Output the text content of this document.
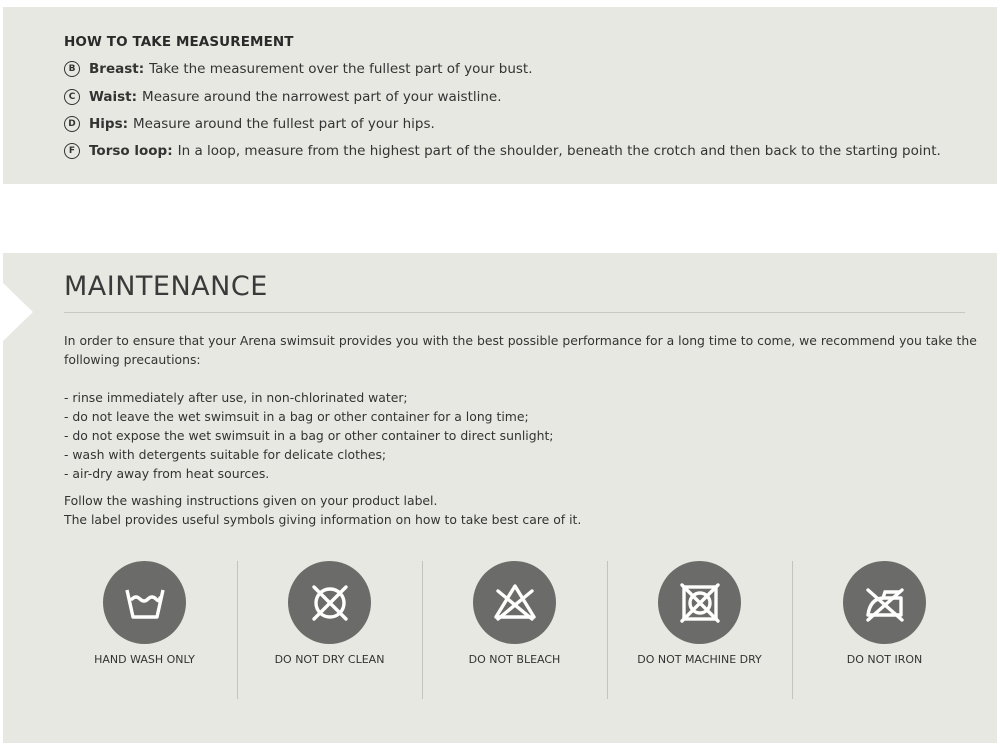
HOW TO TAKE MEASUREMENT
B	Breast: Take the measurement over the fullest part of your bust.
C	Waist: Measure around the narrowest part of your waistline.
D Hips: Measure around the fullest part of your hips.
F	Torso loop: In a loop, measure from the highest part of the shoulder, beneath the crotch and then back to the starting point.
MAINTENANCE
In order to ensure that your Arena swimsuit provides you with the best possible performance for a long time to come, we recommend you take the
following precautions:
- rinse immediately after use, in non-chlorinated water;
- do not leave the wet swimsuit in a bag or other container for a long time;
- do not expose the wet swimsuit in a bag or other container to direct sunlight;
- wash with detergents suitable for delicate clothes;
- air-dry away from heat sources.
Follow the washing instructions given on your product label.
The label provides useful symbols giving information on how to take best care of it.
HAND WASH ONLY	DO NOT DRY CLEAN	DO NOT BLEACH	DO NOT MACHINE DRY	DO NOT IRON
